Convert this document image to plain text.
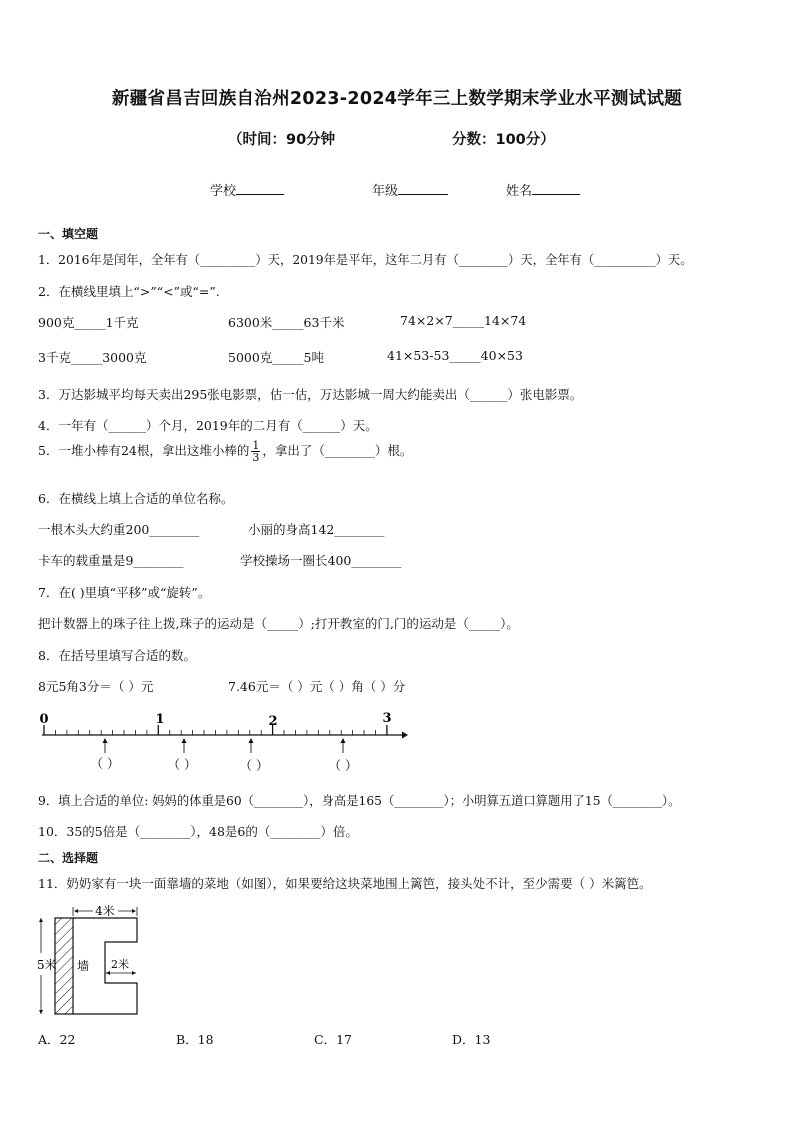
新疆省昌吉回族自治州2023-2024学年三上数学期末学业水平测试试题
（时间：90分钟	分数：100分）
学校	年级	姓名
一、填空题
1．2016年是闰年，全年有（_________）天，2019年是平年，这年二月有（________）天，全年有（__________）天。
2．在横线里填上“>”“<”或“=”.
900克_____1千克	6300米_____63千米	74×2×7_____14×74
3千克_____3000克	5000克_____5吨	41×53-53_____40×53
3．万达影城平均每天卖出295张电影票，估一估，万达影城一周大约能卖出（______）张电影票。
4．一年有（______）个月，2019年的二月有（______）天。
5．一堆小棒有24根，拿出这堆小棒的 $\frac{1}{3}$ ，拿出了（________）根。
6．在横线上填上合适的单位名称。
一根木头大约重200________	小丽的身高142________
卡车的载重量是9________	学校操场一圈长400________
7．在( )里填“平移”或“旋转”。
把计数器上的珠子往上拨,珠子的运动是（_____）;打开教室的门,门的运动是（_____）。
8．在括号里填写合适的数。
8元5角3分＝（ ）元	7.46元＝（ ）元（ ）角（ ）分
0	1	2	3
（ ）	（ ）	（ ）	（ ）
9．填上合适的单位: 妈妈的体重是60（________），身高是165（________）；小明算五道口算题用了15（________）。
10．35的5倍是（________），48是6的（________）倍。
二、选择题
11．奶奶家有一块一面靠墙的菜地（如图），如果要给这块菜地围上篱笆，接头处不计，至少需要（ ）米篱笆。
4米
5米 墙 2米
A．22	B．18	C．17	D．13
